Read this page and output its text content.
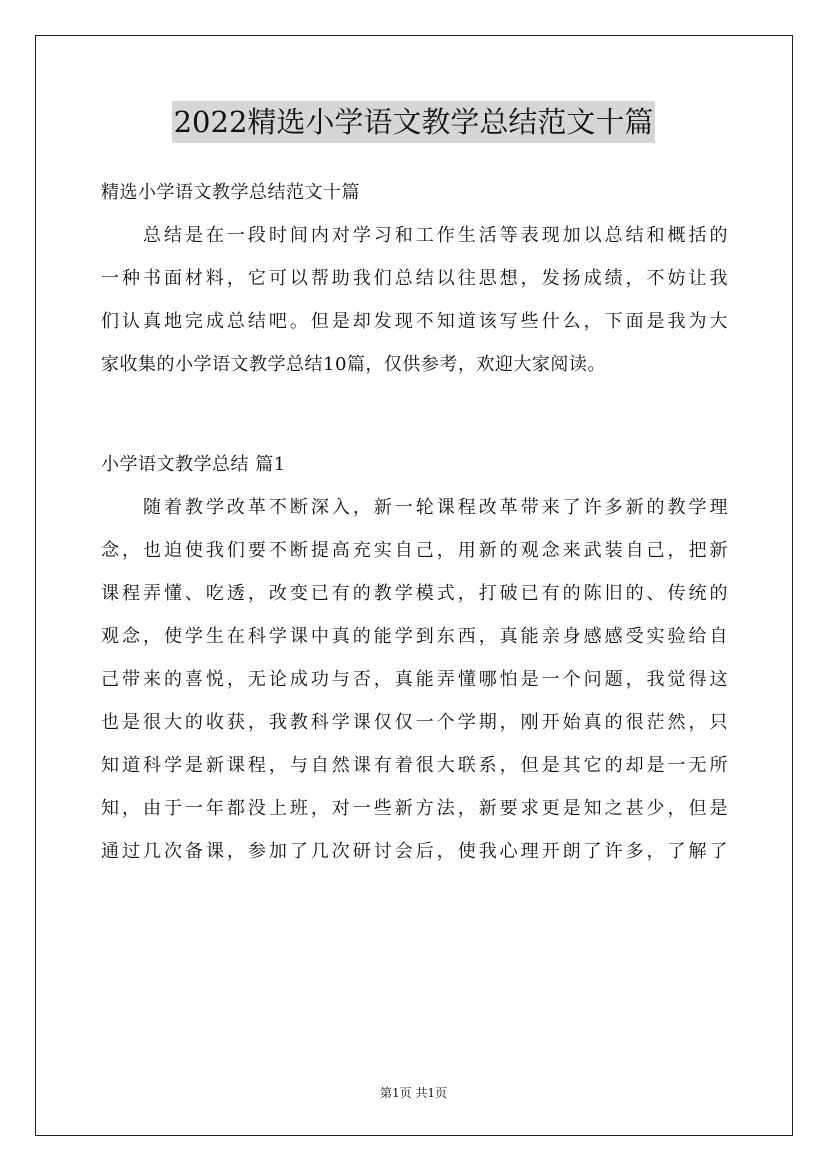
2022精选小学语文教学总结范文十篇
精选小学语文教学总结范文十篇
总结是在一段时间内对学习和工作生活等表现加以总结和概括的
一种书面材料，它可以帮助我们总结以往思想，发扬成绩，不妨让我
们认真地完成总结吧。但是却发现不知道该写些什么，下面是我为大
家收集的小学语文教学总结10篇，仅供参考，欢迎大家阅读。
小学语文教学总结 篇1
随着教学改革不断深入，新一轮课程改革带来了许多新的教学理
念，也迫使我们要不断提高充实自己，用新的观念来武装自己，把新
课程弄懂、吃透，改变已有的教学模式，打破已有的陈旧的、传统的
观念，使学生在科学课中真的能学到东西，真能亲身感感受实验给自
己带来的喜悦，无论成功与否，真能弄懂哪怕是一个问题，我觉得这
也是很大的收获，我教科学课仅仅一个学期，刚开始真的很茫然，只
知道科学是新课程，与自然课有着很大联系，但是其它的却是一无所
知，由于一年都没上班，对一些新方法，新要求更是知之甚少，但是
通过几次备课，参加了几次研讨会后，使我心理开朗了许多，了解了
第1页 共1页
